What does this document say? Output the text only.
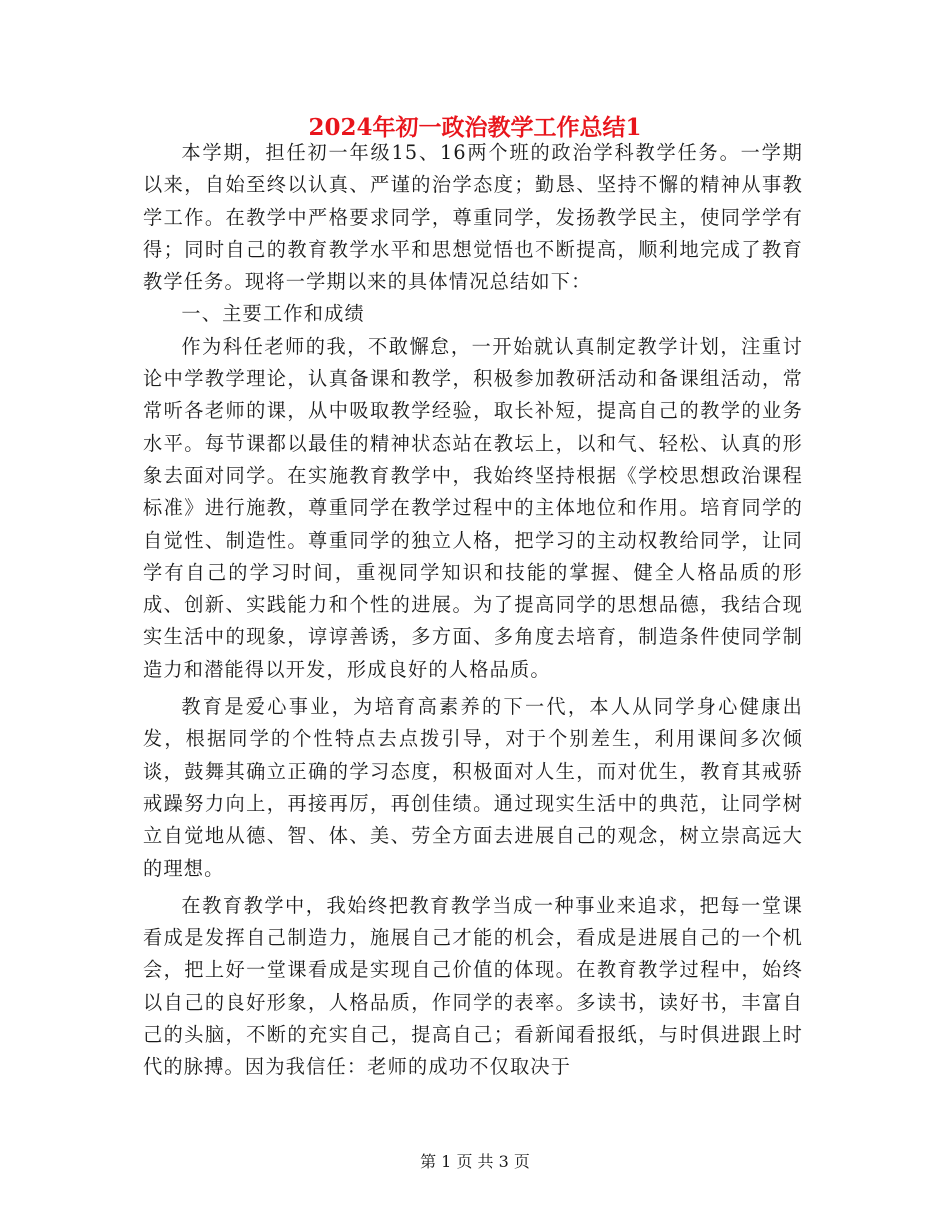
2024年初一政治教学工作总结1

本学期，担任初一年级15、16两个班的政治学科教学任务。一学期以来，自始至终以认真、严谨的治学态度；勤恳、坚持不懈的精神从事教学工作。在教学中严格要求同学，尊重同学，发扬教学民主，使同学学有得；同时自己的教育教学水平和思想觉悟也不断提高，顺利地完成了教育教学任务。现将一学期以来的具体情况总结如下：

一、主要工作和成绩

作为科任老师的我，不敢懈怠，一开始就认真制定教学计划，注重讨论中学教学理论，认真备课和教学，积极参加教研活动和备课组活动，常常听各老师的课，从中吸取教学经验，取长补短，提高自己的教学的业务水平。每节课都以最佳的精神状态站在教坛上，以和气、轻松、认真的形象去面对同学。在实施教育教学中，我始终坚持根据《学校思想政治课程标准》进行施教，尊重同学在教学过程中的主体地位和作用。培育同学的自觉性、制造性。尊重同学的独立人格，把学习的主动权教给同学，让同学有自己的学习时间，重视同学知识和技能的掌握、健全人格品质的形成、创新、实践能力和个性的进展。为了提高同学的思想品德，我结合现实生活中的现象，谆谆善诱，多方面、多角度去培育，制造条件使同学制造力和潜能得以开发，形成良好的人格品质。

教育是爱心事业，为培育高素养的下一代，本人从同学身心健康出发，根据同学的个性特点去点拨引导，对于个别差生，利用课间多次倾谈，鼓舞其确立正确的学习态度，积极面对人生，而对优生，教育其戒骄戒躁努力向上，再接再厉，再创佳绩。通过现实生活中的典范，让同学树立自觉地从德、智、体、美、劳全方面去进展自己的观念，树立崇高远大的理想。

在教育教学中，我始终把教育教学当成一种事业来追求，把每一堂课看成是发挥自己制造力，施展自己才能的机会，看成是进展自己的一个机会，把上好一堂课看成是实现自己价值的体现。在教育教学过程中，始终以自己的良好形象，人格品质，作同学的表率。多读书，读好书，丰富自己的头脑，不断的充实自己，提高自己；看新闻看报纸，与时俱进跟上时代的脉搏。因为我信任：老师的成功不仅取决于

第 1 页 共 3 页
